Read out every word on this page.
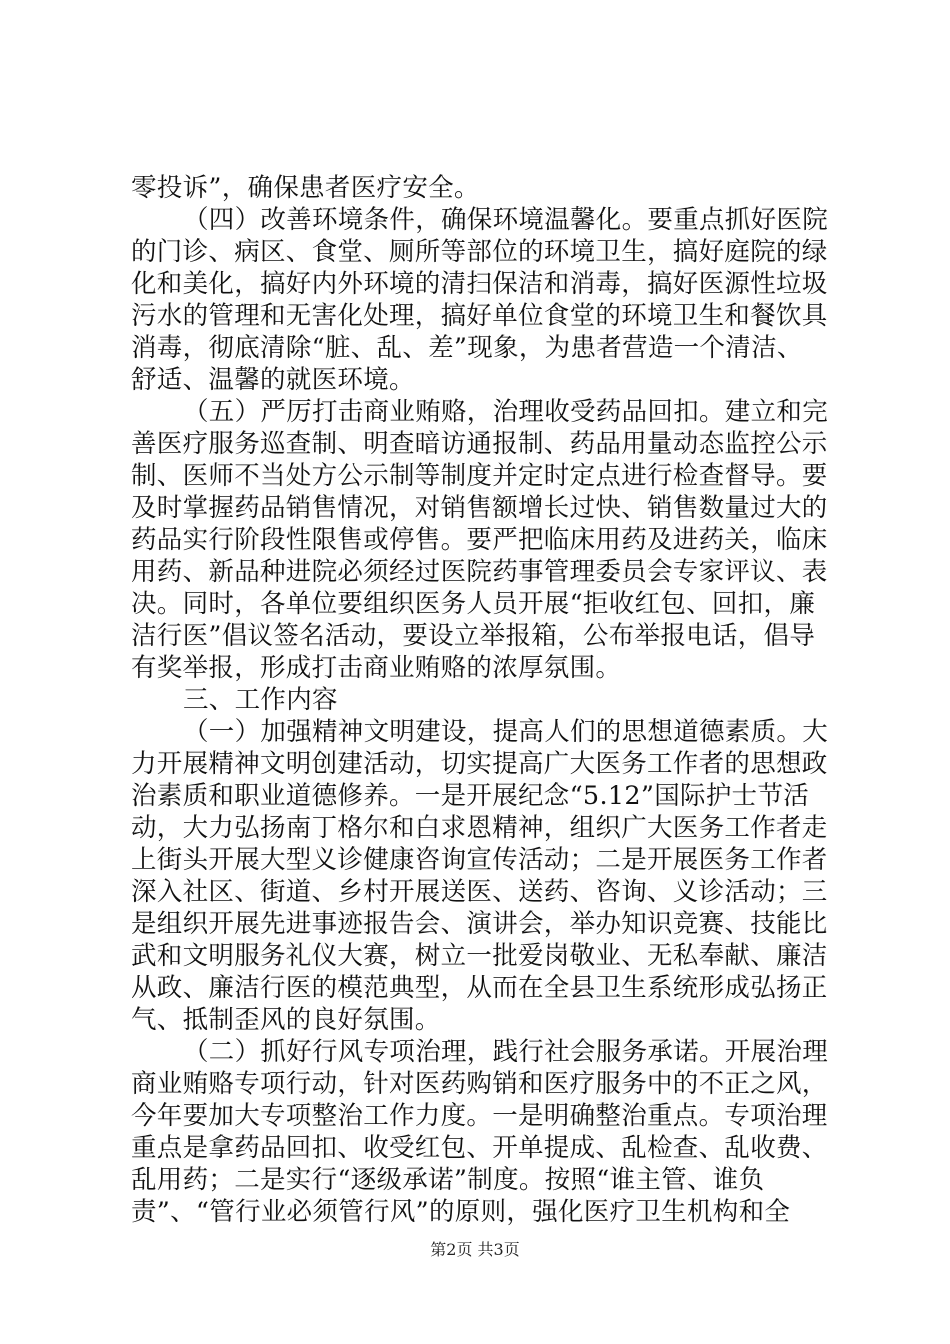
零投诉”，确保患者医疗安全。
（四）改善环境条件，确保环境温馨化。要重点抓好医院
的门诊、病区、食堂、厕所等部位的环境卫生，搞好庭院的绿
化和美化，搞好内外环境的清扫保洁和消毒，搞好医源性垃圾
污水的管理和无害化处理，搞好单位食堂的环境卫生和餐饮具
消毒，彻底清除“脏、乱、差”现象，为患者营造一个清洁、
舒适、温馨的就医环境。
（五）严厉打击商业贿赂，治理收受药品回扣。建立和完
善医疗服务巡查制、明查暗访通报制、药品用量动态监控公示
制、医师不当处方公示制等制度并定时定点进行检查督导。要
及时掌握药品销售情况，对销售额增长过快、销售数量过大的
药品实行阶段性限售或停售。要严把临床用药及进药关，临床
用药、新品种进院必须经过医院药事管理委员会专家评议、表
决。同时，各单位要组织医务人员开展“拒收红包、回扣，廉
洁行医”倡议签名活动，要设立举报箱，公布举报电话，倡导
有奖举报，形成打击商业贿赂的浓厚氛围。
三、工作内容
（一）加强精神文明建设，提高人们的思想道德素质。大
力开展精神文明创建活动，切实提高广大医务工作者的思想政
治素质和职业道德修养。一是开展纪念“5.12”国际护士节活
动，大力弘扬南丁格尔和白求恩精神，组织广大医务工作者走
上街头开展大型义诊健康咨询宣传活动；二是开展医务工作者
深入社区、街道、乡村开展送医、送药、咨询、义诊活动；三
是组织开展先进事迹报告会、演讲会，举办知识竞赛、技能比
武和文明服务礼仪大赛，树立一批爱岗敬业、无私奉献、廉洁
从政、廉洁行医的模范典型，从而在全县卫生系统形成弘扬正
气、抵制歪风的良好氛围。
（二）抓好行风专项治理，践行社会服务承诺。开展治理
商业贿赂专项行动，针对医药购销和医疗服务中的不正之风，
今年要加大专项整治工作力度。一是明确整治重点。专项治理
重点是拿药品回扣、收受红包、开单提成、乱检查、乱收费、
乱用药；二是实行“逐级承诺”制度。按照“谁主管、谁负
责”、“管行业必须管行风”的原则，强化医疗卫生机构和全
第2页 共3页
